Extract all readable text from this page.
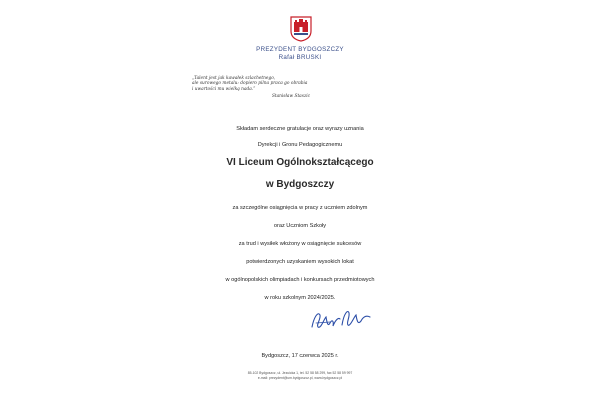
PREZYDENT BYDGOSZCZY
Rafał BRUSKI
„Talent jest jak kawałek szlachetnego,
ale surowego metalu: dopiero pilna praca go obrabia
i uwartości mu wielką nada.”
Stanisław Staszic
Składam serdeczne gratulacje oraz wyrazy uznania
Dyrekcji i Gronu Pedagogicznemu
VI Liceum Ogólnokształcącego
w Bydgoszczy
za szczególne osiągnięcia w pracy z uczniem zdolnym
oraz Uczniom Szkoły
za trud i wysiłek włożony w osiągnięcie sukcesów
potwierdzonych uzyskaniem wysokich lokat
w ogólnopolskich olimpiadach i konkursach przedmiotowych
w roku szkolnym 2024/2025.
Bydgoszcz, 17 czerwca 2025 r.
85-102 Bydgoszcz, ul. Jezuicka 1, tel. 52 58 58 299, fax 52 58 59 997
e-mail: prezydent@um.bydgoszcz.pl, www.bydgoszcz.pl
